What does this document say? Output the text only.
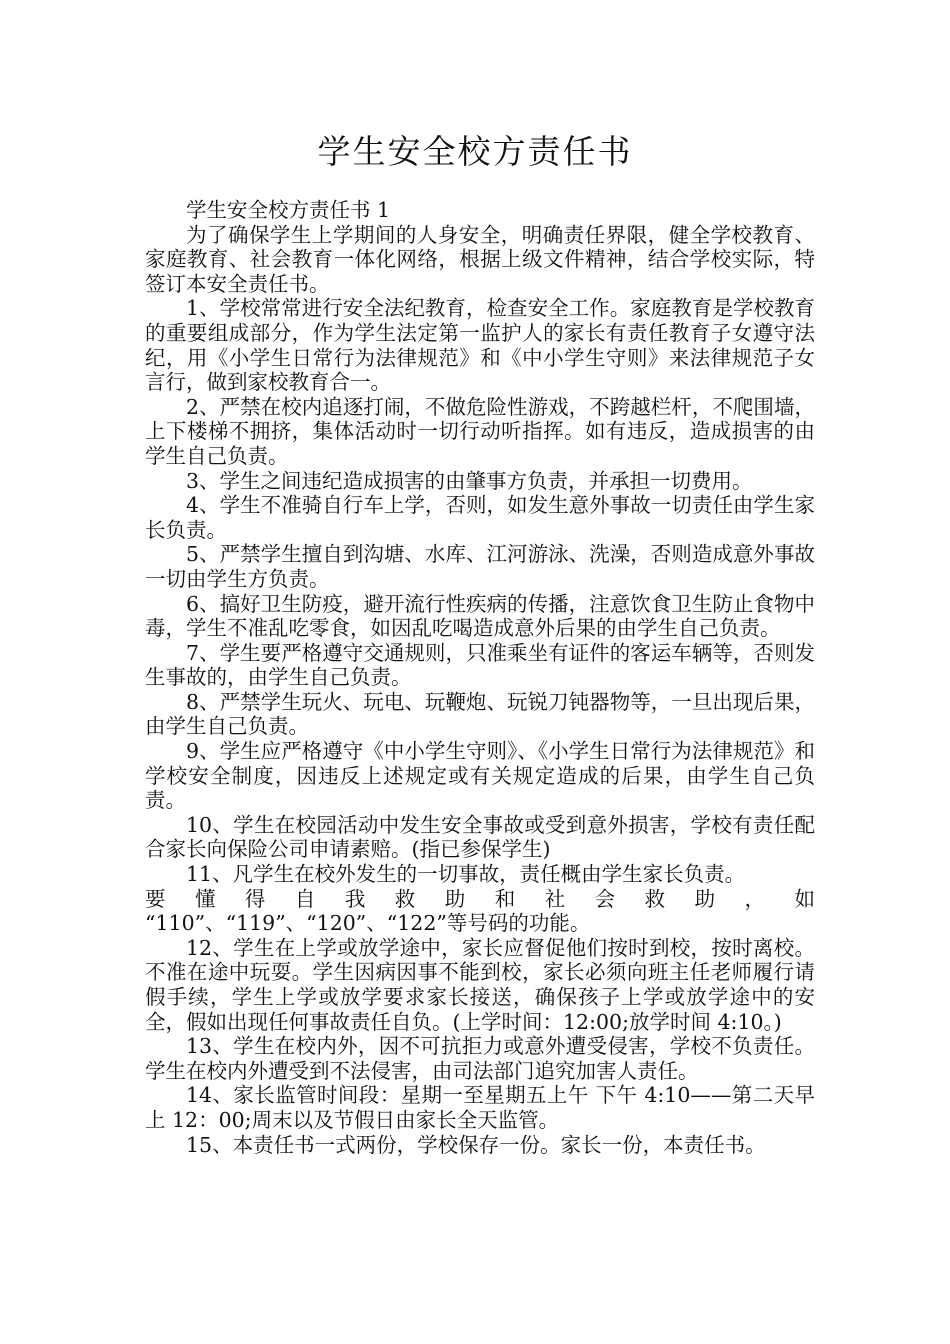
学生安全校方责任书

学生安全校方责任书 1

为了确保学生上学期间的人身安全，明确责任界限，健全学校教育、家庭教育、社会教育一体化网络，根据上级文件精神，结合学校实际，特签订本安全责任书。

1、学校常常进行安全法纪教育，检查安全工作。家庭教育是学校教育的重要组成部分，作为学生法定第一监护人的家长有责任教育子女遵守法纪，用《小学生日常行为法律规范》和《中小学生守则》来法律规范子女言行，做到家校教育合一。

2、严禁在校内追逐打闹，不做危险性游戏，不跨越栏杆，不爬围墙，上下楼梯不拥挤，集体活动时一切行动听指挥。如有违反，造成损害的由学生自己负责。

3、学生之间违纪造成损害的由肇事方负责，并承担一切费用。

4、学生不准骑自行车上学，否则，如发生意外事故一切责任由学生家长负责。

5、严禁学生擅自到沟塘、水库、江河游泳、洗澡，否则造成意外事故一切由学生方负责。

6、搞好卫生防疫，避开流行性疾病的传播，注意饮食卫生防止食物中毒，学生不准乱吃零食，如因乱吃喝造成意外后果的由学生自己负责。

7、学生要严格遵守交通规则，只准乘坐有证件的客运车辆等，否则发生事故的，由学生自己负责。

8、严禁学生玩火、玩电、玩鞭炮、玩锐刀钝器物等，一旦出现后果，由学生自己负责。

9、学生应严格遵守《中小学生守则》、《小学生日常行为法律规范》和学校安全制度，因违反上述规定或有关规定造成的后果，由学生自己负责。

10、学生在校园活动中发生安全事故或受到意外损害，学校有责任配合家长向保险公司申请素赔。(指已参保学生)

11、凡学生在校外发生的一切事故，责任概由学生家长负责。

要 懂 得 自 我 救 助 和 社 会 救 助 ， 如

“110”、“119”、“120”、“122”等号码的功能。

12、学生在上学或放学途中，家长应督促他们按时到校，按时离校。不准在途中玩耍。学生因病因事不能到校，家长必须向班主任老师履行请假手续，学生上学或放学要求家长接送，确保孩子上学或放学途中的安全，假如出现任何事故责任自负。(上学时间：12:00;放学时间 4:10。)

13、学生在校内外，因不可抗拒力或意外遭受侵害，学校不负责任。学生在校内外遭受到不法侵害，由司法部门追究加害人责任。

14、家长监管时间段：星期一至星期五上午 下午 4:10——第二天早上 12：00;周末以及节假日由家长全天监管。

15、本责任书一式两份，学校保存一份。家长一份，本责任书。
